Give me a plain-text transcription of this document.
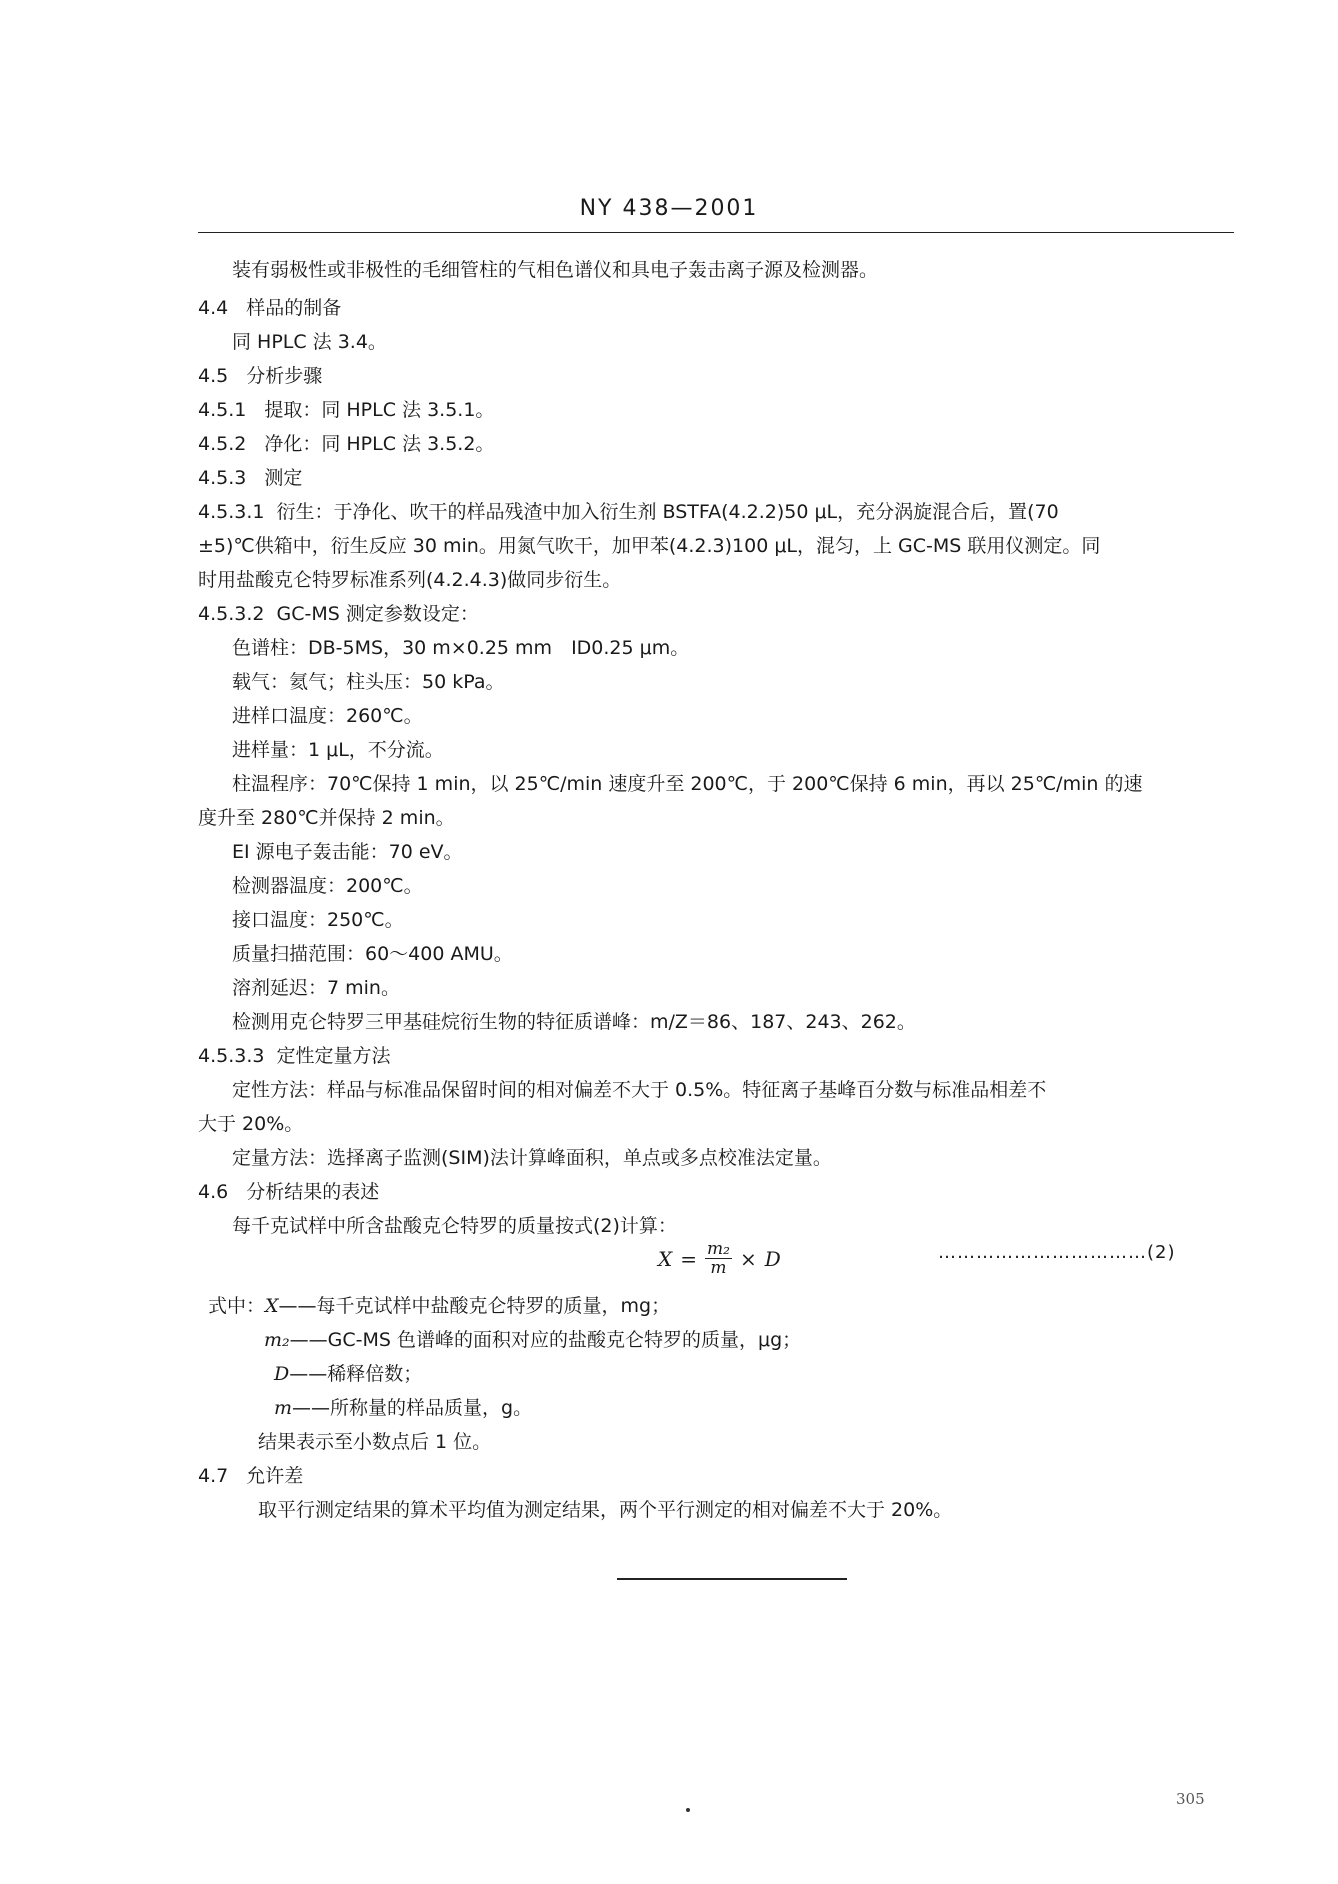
NY 438—2001
装有弱极性或非极性的毛细管柱的气相色谱仪和具电子轰击离子源及检测器。
4.4 样品的制备
同 HPLC 法 3.4。
4.5 分析步骤
4.5.1 提取：同 HPLC 法 3.5.1。
4.5.2 净化：同 HPLC 法 3.5.2。
4.5.3 测定
4.5.3.1 衍生：于净化、吹干的样品残渣中加入衍生剂 BSTFA(4.2.2)50 μL，充分涡旋混合后，置(70
±5)℃供箱中，衍生反应 30 min。用氮气吹干，加甲苯(4.2.3)100 μL，混匀，上 GC-MS 联用仪测定。同
时用盐酸克仑特罗标准系列(4.2.4.3)做同步衍生。
4.5.3.2 GC-MS 测定参数设定：
色谱柱：DB-5MS，30 m×0.25 mm　ID0.25 μm。
载气：氦气；柱头压：50 kPa。
进样口温度：260℃。
进样量：1 μL，不分流。
柱温程序：70℃保持 1 min，以 25℃/min 速度升至 200℃，于 200℃保持 6 min，再以 25℃/min 的速
度升至 280℃并保持 2 min。
EI 源电子轰击能：70 eV。
检测器温度：200℃。
接口温度：250℃。
质量扫描范围：60～400 AMU。
溶剂延迟：7 min。
检测用克仑特罗三甲基硅烷衍生物的特征质谱峰：m/Z＝86、187、243、262。
4.5.3.3 定性定量方法
定性方法：样品与标准品保留时间的相对偏差不大于 0.5%。特征离子基峰百分数与标准品相差不
大于 20%。
定量方法：选择离子监测(SIM)法计算峰面积，单点或多点校准法定量。
4.6 分析结果的表述
每千克试样中所含盐酸克仑特罗的质量按式(2)计算：
$X = \frac{\text{m₂}}{m} \times D$	……………………………(2)
式中：X——每千克试样中盐酸克仑特罗的质量，mg；
m₂——GC-MS 色谱峰的面积对应的盐酸克仑特罗的质量，μg；
D——稀释倍数；
m——所称量的样品质量，g。
结果表示至小数点后 1 位。
4.7 允许差
取平行测定结果的算术平均值为测定结果，两个平行测定的相对偏差不大于 20%。
305
